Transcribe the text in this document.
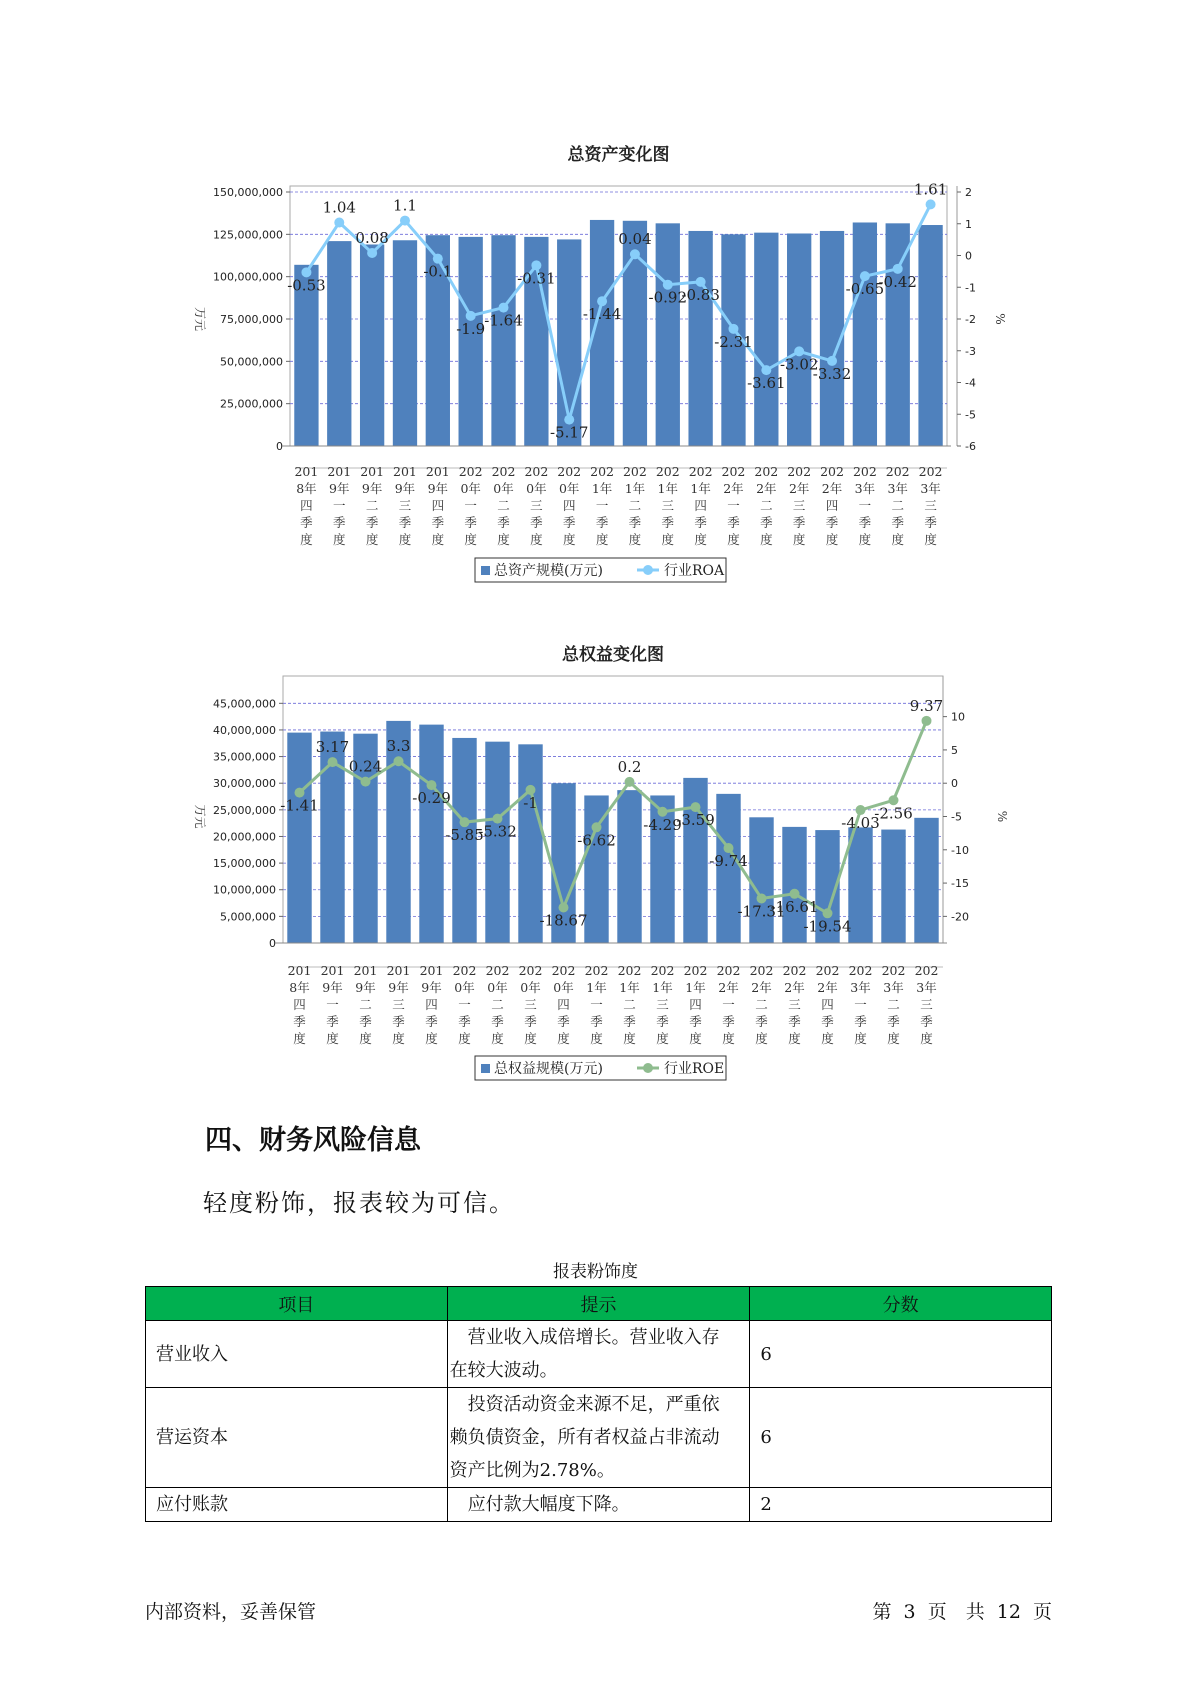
总资产变化图
0
25,000,000
50,000,000
75,000,000
100,000,000
125,000,000
150,000,000
-6
-5
-4
-3
-2
-1
0
1
2
万元	%
-0.53
1.04
0.08
1.1
-0.1
-1.9 -1.64
-0.31
-5.17
-1.44
0.04
-0.92
-0.83
-2.31
-3.61
-3.02
-3.32
-0.65
-0.42
1.61
201 8年四季度
201 9年一季度
201 9年二季度
201 9年三季度
201 9年四季度
202 0年一季度
202 0年二季度
202 0年三季度
202 0年四季度
202 1年一季度
202 1年二季度
202 1年三季度
202 1年四季度
202 2年一季度
202 2年二季度
202 2年三季度
202 2年四季度
202 3年一季度
202 3年二季度
202 3年三季度
总资产规模(万元)	行业ROA
总权益变化图
0
5,000,000
10,000,000
15,000,000
20,000,000
25,000,000
30,000,000
35,000,000
40,000,000
45,000,000
-20
-15
-10
-5
0
5
10
万元	%
-1.41
3.17
0.24
3.3
-0.29
-5.85
-5.32
-1
-18.67
-6.62
0.2
-4.29
-3.59
-9.74
-17.31
-16.61
-19.54
-4.03
-2.56
9.37
201 8年四季度
201 9年一季度
201 9年二季度
201 9年三季度
201 9年四季度
202 0年一季度
202 0年二季度
202 0年三季度
202 0年四季度
202 1年一季度
202 1年二季度
202 1年三季度
202 1年四季度
202 2年一季度
202 2年二季度
202 2年三季度
202 2年四季度
202 3年一季度
202 3年二季度
202 3年三季度
总权益规模(万元)	行业ROE
四、财务风险信息
轻度粉饰，报表较为可信。
报表粉饰度
项目	提示	分数
营业收入	　营业收入成倍增长。营业收入存
在较大波动。	6
营运资本	　投资活动资金来源不足，严重依
赖负债资金，所有者权益占非流动
资产比例为2.78%。	6
应付账款	　应付款大幅度下降。	2
内部资料，妥善保管	第 3 页　共 12 页
